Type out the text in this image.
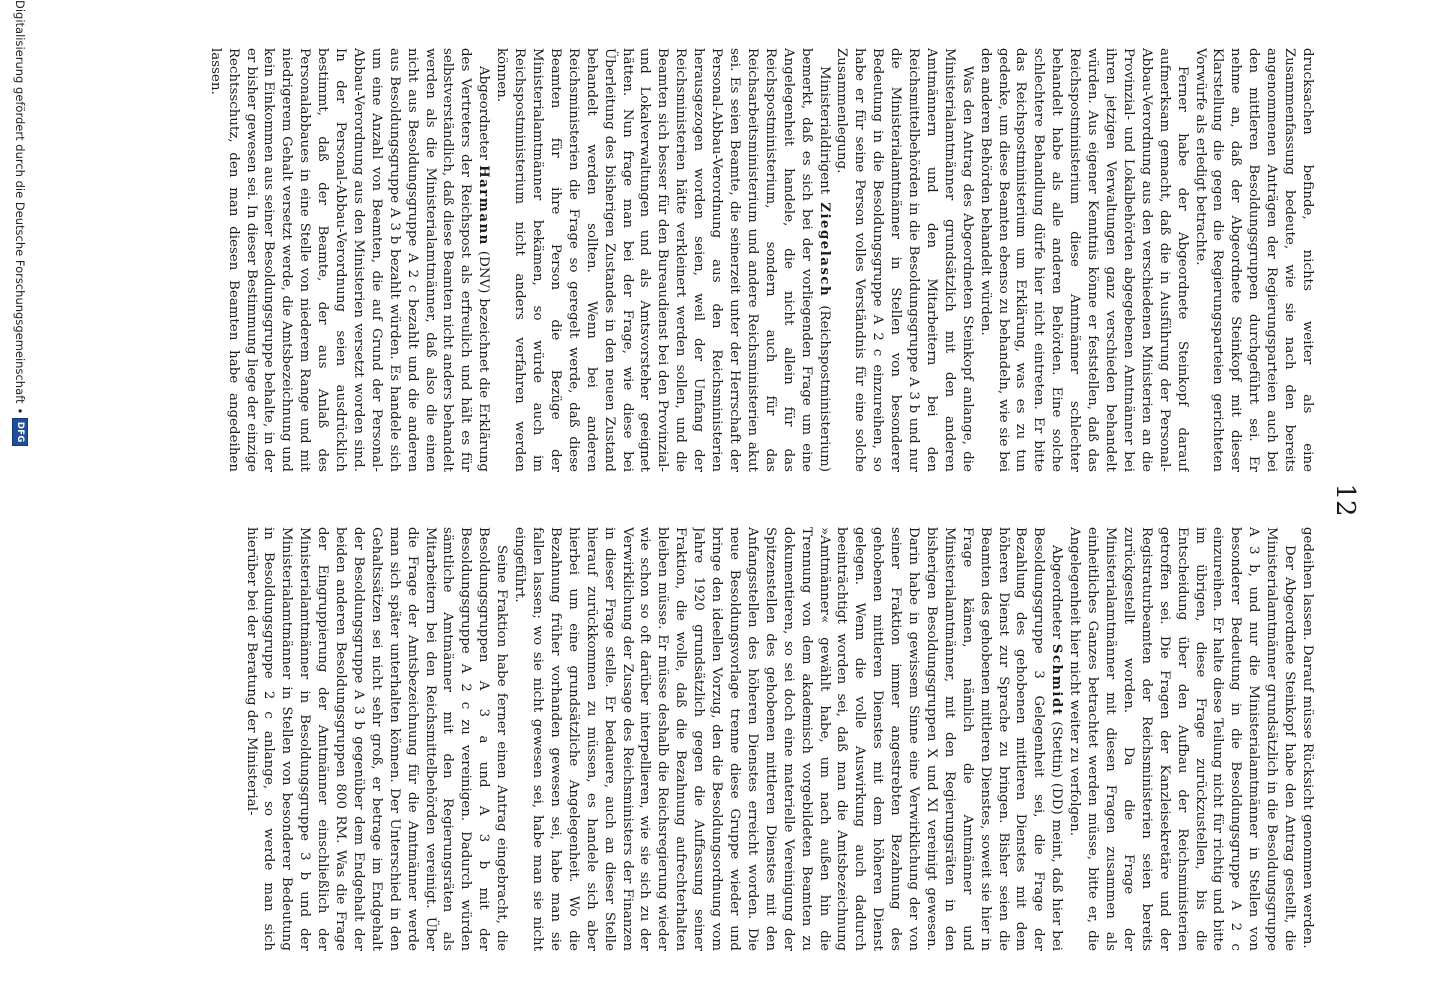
12

drucksachen befinde, nichts weiter als eine Zusammenfassung bedeute, wie sie nach den bereits angenommenen Anträgen der Regierungsparteien auch bei den mittleren Besoldungsgruppen durchgeführt sei. Er nehme an, daß der Abgeordnete Steinkopf mit dieser Klarstellung die gegen die Regierungsparteien gerichteten Vorwürfe als erledigt betrachte.

Ferner habe der Abgeordnete Steinkopf darauf aufmerksam gemacht, daß die in Ausführung der Personal-Abbau-Verordnung aus den verschiedenen Ministerien an die Provinzial- und Lokalbehörden abgegebenen Amtmänner bei ihren jetzigen Verwaltungen ganz verschieden behandelt würden. Aus eigener Kenntnis könne er feststellen, daß das Reichspostministerium diese Amtmänner schlechter behandelt habe als alle anderen Behörden. Eine solche schlechtere Behandlung dürfe hier nicht eintreten. Er bitte das Reichspostministerium um Erklärung, was es zu tun gedenke, um diese Beamten ebenso zu behandeln, wie sie bei den anderen Behörden behandelt würden.

Was den Antrag des Abgeordneten Steinkopf anlange, die Ministerialamtmänner grundsätzlich mit den anderen Amtmännern und den Mitarbeitern bei den Reichsmittelbehörden in die Besoldungsgruppe A 3 b und nur die Ministerialamtmänner in Stellen von besonderer Bedeutung in die Besoldungsgruppe A 2 c einzureihen, so habe er für seine Person volles Verständnis für eine solche Zusammenlegung.

Ministerialdirigent Ziegelasch (Reichspostministerium) bemerkt, daß es sich bei der vorliegenden Frage um eine Angelegenheit handele, die nicht allein für das Reichspostministerium, sondern auch für das Reichsarbeitsministerium und andere Reichsministerien akut sei. Es seien Beamte, die seinerzeit unter der Herrschaft der Personal-Abbau-Verordnung aus den Reichsministerien herausgezogen worden seien, weil der Umfang der Reichsministerien hätte verkleinert werden sollen, und die Beamten sich besser für den Bureaudienst bei den Provinzial- und Lokalverwaltungen und als Amtsvorsteher geeignet hätten. Nun frage man bei der Frage, wie diese bei Überleitung des bisherigen Zustandes in den neuen Zustand behandelt werden sollten. Wenn bei anderen Reichsministerien die Frage so geregelt werde, daß diese Beamten für ihre Person die Bezüge der Ministerialamtmänner bekämen, so würde auch im Reichspostministerium nicht anders verfahren werden können.

Abgeordneter Harmann (DNV) bezeichnet die Erklärung des Vertreters der Reichspost als erfreulich und hält es für selbstverständlich, daß diese Beamten nicht anders behandelt werden als die Ministerialamtmänner, daß also die einen nicht aus Besoldungsgruppe A 2 c bezahlt und die anderen aus Besoldungsgruppe A 3 b bezahlt würden. Es handele sich um eine Anzahl von Beamten, die auf Grund der Personal-Abbau-Verordnung aus den Ministerien versetzt worden sind. In der Personal-Abbau-Verordnung seien ausdrücklich bestimmt, daß der Beamte, der aus Anlaß des Personalabbaues in eine Stelle von niederem Range und mit niedrigerem Gehalt versetzt werde, die Amtsbezeichnung und kein Einkommen aus seiner Besoldungsgruppe behalte, in der er bisher gewesen sei. In dieser Bestimmung liege der einzige Rechtsschutz, den man diesen Beamten habe angedeihen lassen.

gedeihen lassen. Darauf müsse Rücksicht genommen werden.

Der Abgeordnete Steinkopf habe den Antrag gestellt, die Ministerialamtmänner grundsätzlich in die Besoldungsgruppe A 3 b, und nur die Ministerialamtmänner in Stellen von besonderer Bedeutung in die Besoldungsgruppe A 2 c einzureihen. Er halte diese Teilung nicht für richtig und bitte im übrigen, diese Frage zurückzustellen, bis die Entscheidung über den Aufbau der Reichsministerien getroffen sei. Die Fragen der Kanzleisekretäre und der Registraturbeamten der Reichsministerien seien bereits zurückgestellt worden. Da die Frage der Ministerialamtmänner mit diesen Fragen zusammen als einheitliches Ganzes betrachtet werden müsse, bitte er, die Angelegenheit hier nicht weiter zu verfolgen.

Abgeordneter Schmidt (Stettin) (DD) meint, daß hier bei Besoldungsgruppe 3 Gelegenheit sei, die Frage der Bezahlung des gehobenen mittleren Dienstes mit dem höheren Dienst zur Sprache zu bringen. Bisher seien die Beamten des gehobenen mittleren Dienstes, soweit sie hier in Frage kämen, nämlich die Amtmänner und Ministerialamtmänner, mit den Regierungsräten in den bisherigen Besoldungsgruppen X und XI vereinigt gewesen. Darin habe in gewissem Sinne eine Verwirklichung der von seiner Fraktion immer angestrebten Bezahnung des gehobenen mittleren Dienstes mit dem höheren Dienst gelegen. Wenn die volle Auswirkung auch dadurch beeinträchtigt worden sei, daß man die Amtsbezeichnung »Amtmänner« gewählt habe, um nach außen hin die Trennung von dem akademisch vorgebildeten Beamten zu dokumentieren, so sei doch eine materielle Vereinigung der Spitzenstellen des gehobenen mittleren Dienstes mit den Anfangsstellen des höheren Dienstes erreicht worden. Die neue Besoldungsvorlage trenne diese Gruppe wieder und bringe den ideellen Vorzug, den die Besoldungsordnung vom Jahre 1920 grundsätzlich gegen die Auffassung seiner Fraktion, die wolle, daß die Bezahnung aufrechterhalten bleiben müsse. Er müsse deshalb die Reichsregierung wieder wie schon so oft darüber interpellieren, wie sie sich zu der Verwirklichung der Zusage des Reichsministers der Finanzen in dieser Frage stelle. Er bedauere, auch an dieser Stelle hierauf zurückkommen zu müssen, es handele sich aber hierbei um eine grundsätzliche Angelegenheit. Wo die Bezahnung früher vorhanden gewesen sei, habe man sie fallen lassen; wo sie nicht gewesen sei, habe man sie nicht eingeführt.

Seine Fraktion habe ferner einen Antrag eingebracht, die Besoldungsgruppen A 3 a und A 3 b mit der Besoldungsgruppe A 2 c zu vereinigen. Dadurch würden sämtliche Amtmänner mit den Regierungsräten als Mitarbeitern bei den Reichsmittelbehörden vereinigt. Über die Frage der Amtsbezeichnung für die Amtmänner werde man sich später unterhalten können. Der Unterschied in den Gehaltssätzen sei nicht sehr groß, er betrage im Endgehalt der Besoldungsgruppe A 3 b gegenüber dem Endgehalt der beiden anderen Besoldungsgruppen 800 RM. Was die Frage der Eingruppierung der Amtmänner einschließlich der Ministerialamtmänner in Besoldungsgruppe 3 b und der Ministerialamtmänner in Stellen von besonderer Bedeutung in Besoldungsgruppe 2 c anlange, so werde man sich hierüber bei der Beratung der Ministerial-

Digitalisierung gefördert durch die Deutsche Forschungsgemeinschaft
•
DFG
